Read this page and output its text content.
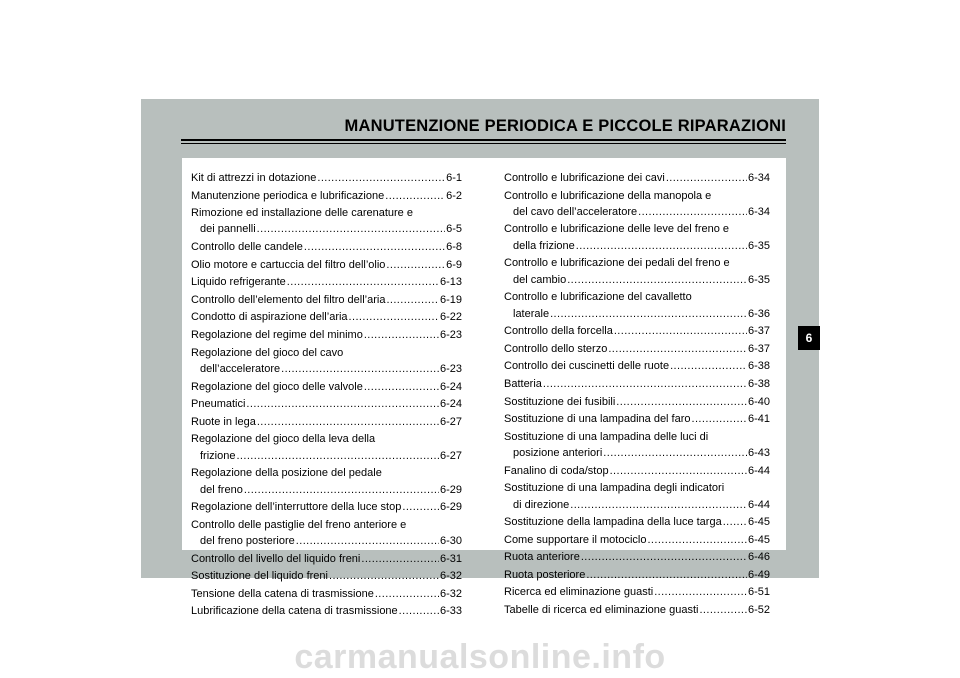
MANUTENZIONE PERIODICA E PICCOLE RIPARAZIONI
Kit di attrezzi in dotazione .....	6-1
Manutenzione periodica e lubrificazione .....	6-2
Rimozione ed installazione delle carenature e
dei pannelli .....	6-5
Controllo delle candele .....	6-8
Olio motore e cartuccia del filtro dell’olio .....	6-9
Liquido refrigerante .....	6-13
Controllo dell’elemento del filtro dell’aria .....	6-19
Condotto di aspirazione dell’aria .....	6-22
Regolazione del regime del minimo .....	6-23
Regolazione del gioco del cavo
dell’acceleratore .....	6-23
Regolazione del gioco delle valvole .....	6-24
Pneumatici .....	6-24
Ruote in lega .....	6-27
Regolazione del gioco della leva della
frizione .....	6-27
Regolazione della posizione del pedale
del freno .....	6-29
Regolazione dell’interruttore della luce stop .....	6-29
Controllo delle pastiglie del freno anteriore e
del freno posteriore .....	6-30
Controllo del livello del liquido freni .....	6-31
Sostituzione del liquido freni .....	6-32
Tensione della catena di trasmissione .....	6-32
Lubrificazione della catena di trasmissione .....	6-33
Controllo e lubrificazione dei cavi .....	6-34
Controllo e lubrificazione della manopola e
del cavo dell’acceleratore .....	6-34
Controllo e lubrificazione delle leve del freno e
della frizione .....	6-35
Controllo e lubrificazione dei pedali del freno e
del cambio .....	6-35
Controllo e lubrificazione del cavalletto
laterale .....	6-36
Controllo della forcella .....	6-37
Controllo dello sterzo .....	6-37
Controllo dei cuscinetti delle ruote .....	6-38
Batteria .....	6-38
Sostituzione dei fusibili .....	6-40
Sostituzione di una lampadina del faro .....	6-41
Sostituzione di una lampadina delle luci di
posizione anteriori .....	6-43
Fanalino di coda/stop .....	6-44
Sostituzione di una lampadina degli indicatori
di direzione .....	6-44
Sostituzione della lampadina della luce targa ..... 6-45
Come supportare il motociclo .....	6-45
Ruota anteriore .....	6-46
Ruota posteriore .....	6-49
Ricerca ed eliminazione guasti .....	6-51
Tabelle di ricerca ed eliminazione guasti .....	6-52
6
carmanualsonline.info
